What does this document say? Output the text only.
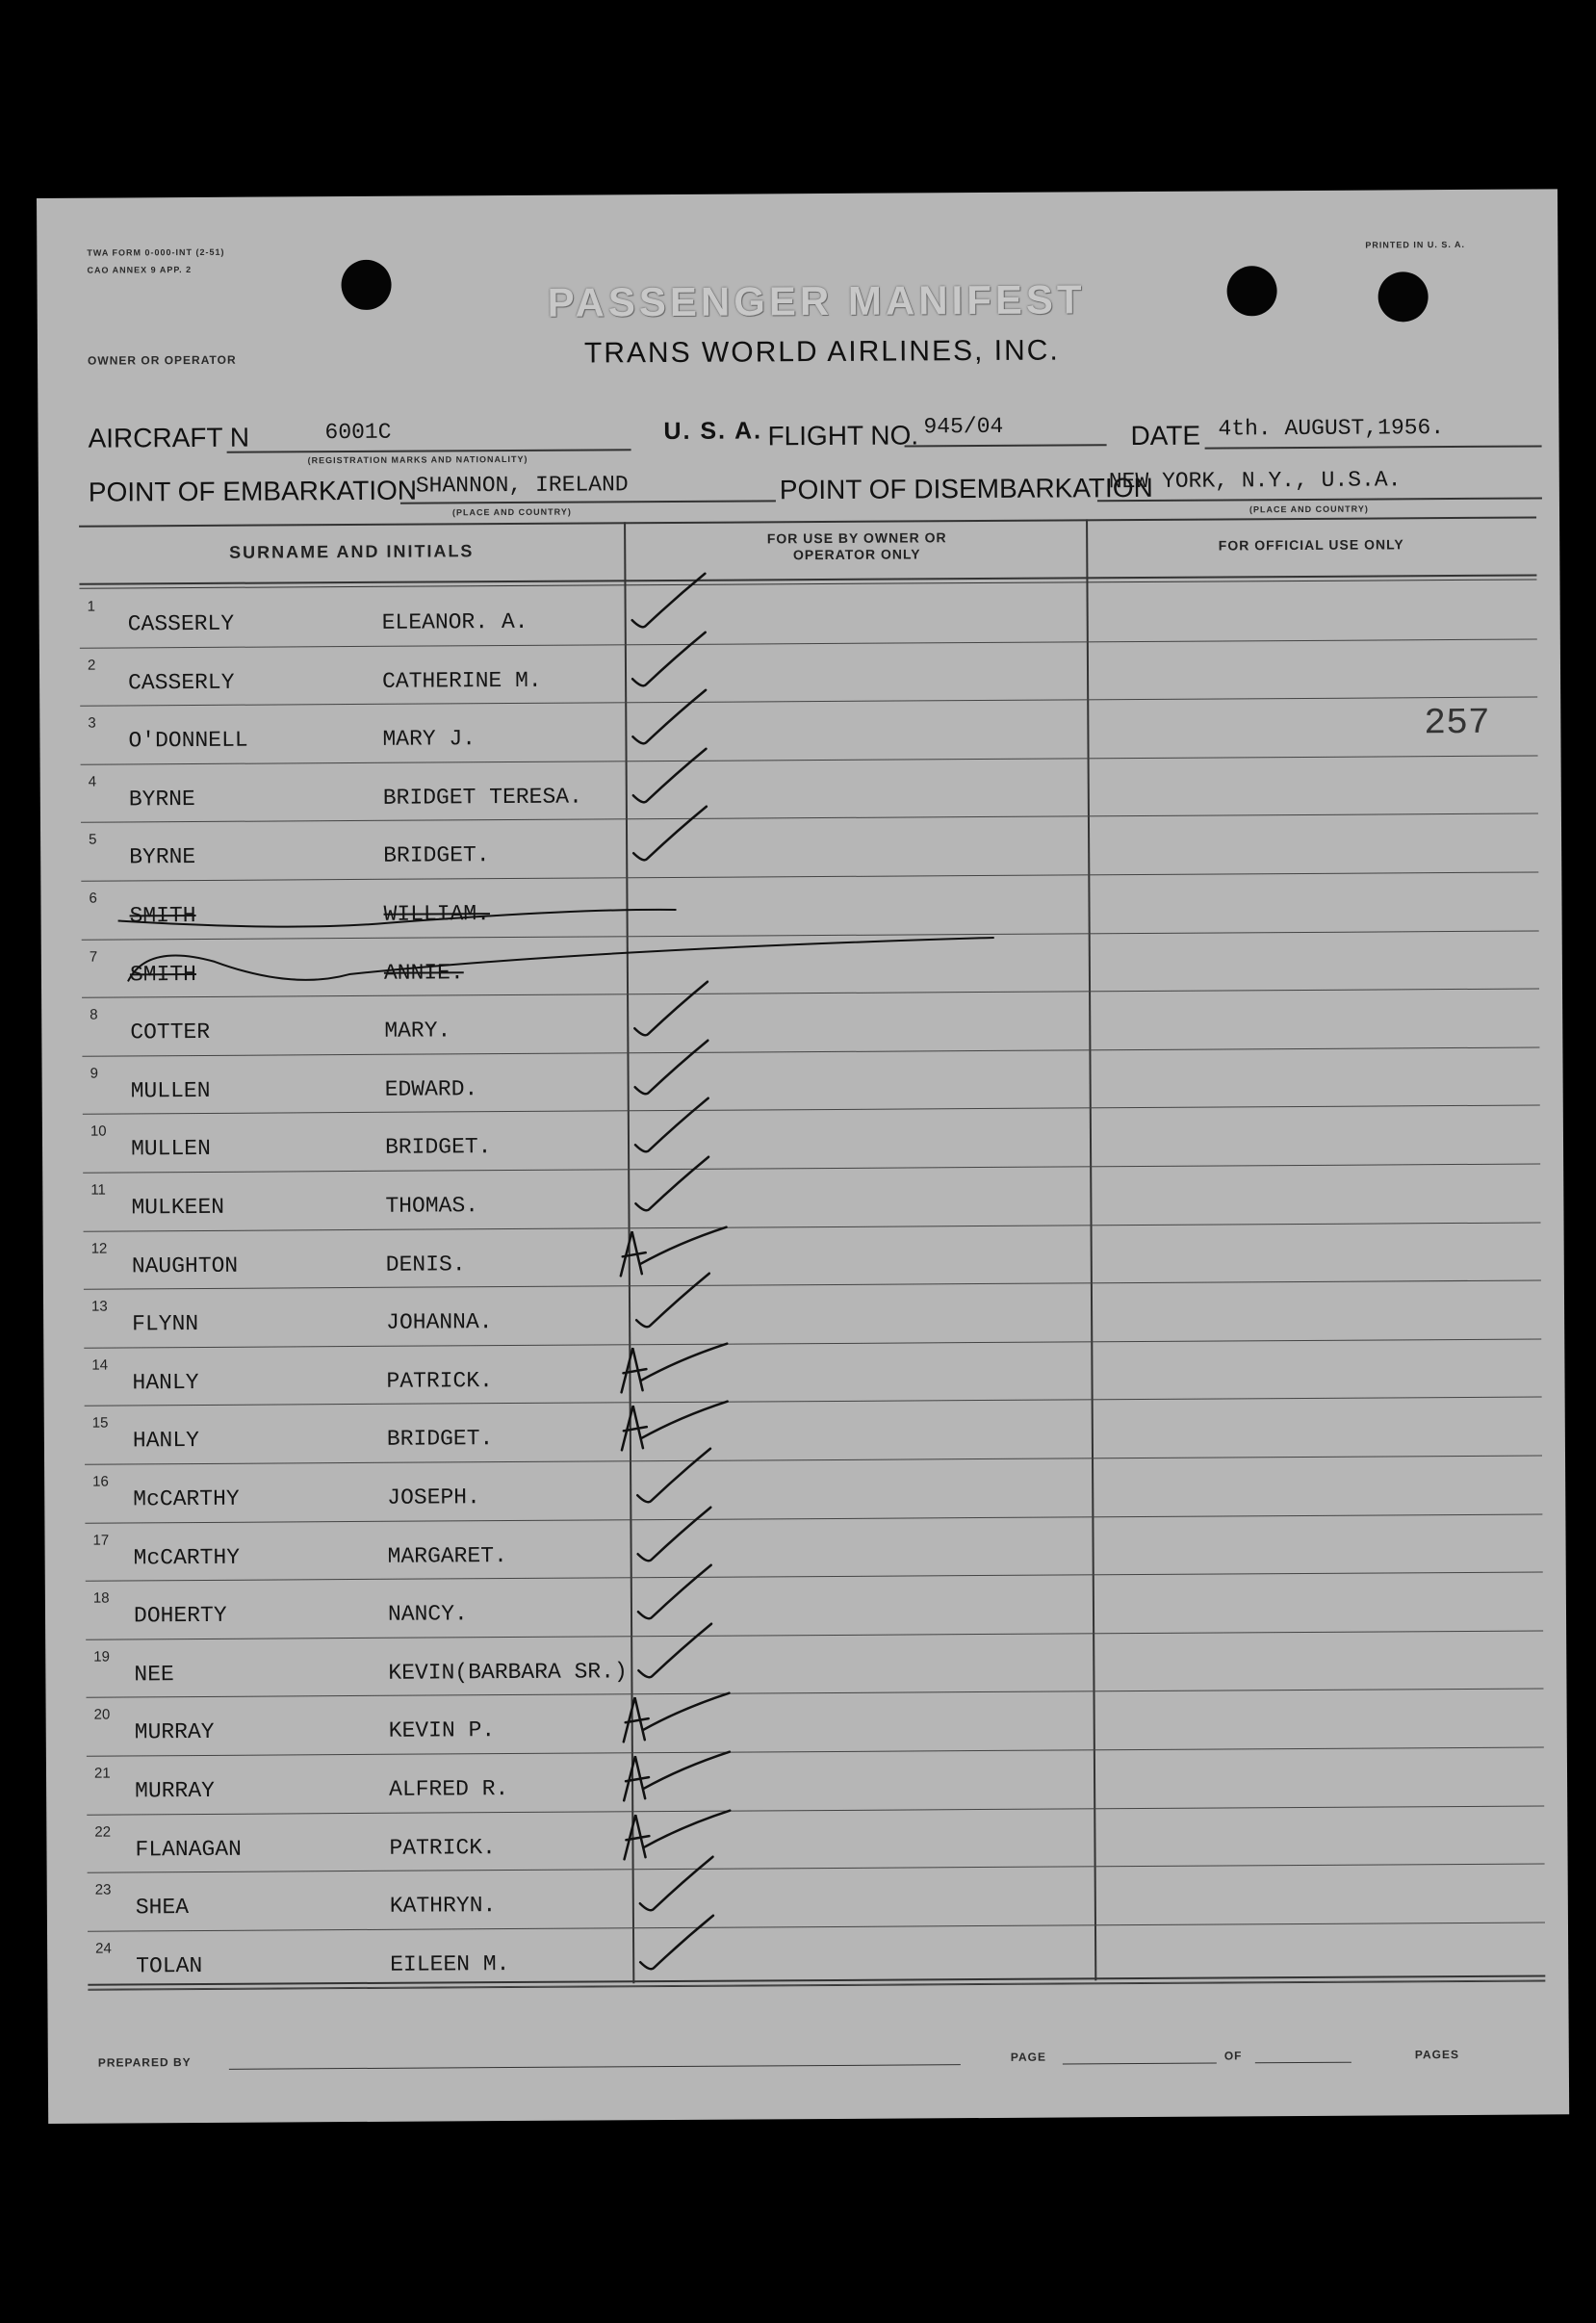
TWA FORM 0-000-INT (2-51)
CAO ANNEX 9 APP. 2
PRINTED IN U. S. A.
OWNER OR OPERATOR
PASSENGER MANIFEST
TRANS WORLD AIRLINES, INC.
AIRCRAFT N	6001C
(REGISTRATION MARKS AND NATIONALITY)
U. S. A. FLIGHT NO. 945/04	DATE 4th. AUGUST,1956.
POINT OF EMBARKATION
SHANNON, IRELAND
(PLACE AND COUNTRY)
POINT OF DISEMBARKATION
NEW YORK, N.Y., U.S.A.
(PLACE AND COUNTRY)
SURNAME AND INITIALS
FOR USE BY OWNER OR OPERATOR ONLY
FOR OFFICIAL USE ONLY
1
CASSERLY	ELEANOR. A.
2
CASSERLY	CATHERINE M.
3
O'DONNELL	MARY J.	257
4
BYRNE	BRIDGET TERESA.
5
BYRNE	BRIDGET.
6
SMITH	WILLIAM.
7
SMITH	ANNIE.
8
COTTER	MARY.
9
MULLEN	EDWARD.
10
MULLEN	BRIDGET.
11
MULKEEN	THOMAS.
12
NAUGHTON	DENIS.
13
FLYNN	JOHANNA.
14
HANLY	PATRICK.
15
HANLY	BRIDGET.
16
McCARTHY	JOSEPH.
17
McCARTHY	MARGARET.
18
DOHERTY	NANCY.
19
NEE	KEVIN(BARBARA SR.)
20
MURRAY	KEVIN P.
21
MURRAY	ALFRED R.
22
FLANAGAN	PATRICK.
23
SHEA	KATHRYN.
24
TOLAN	EILEEN M.
PREPARED BY	PAGE	OF	PAGES
